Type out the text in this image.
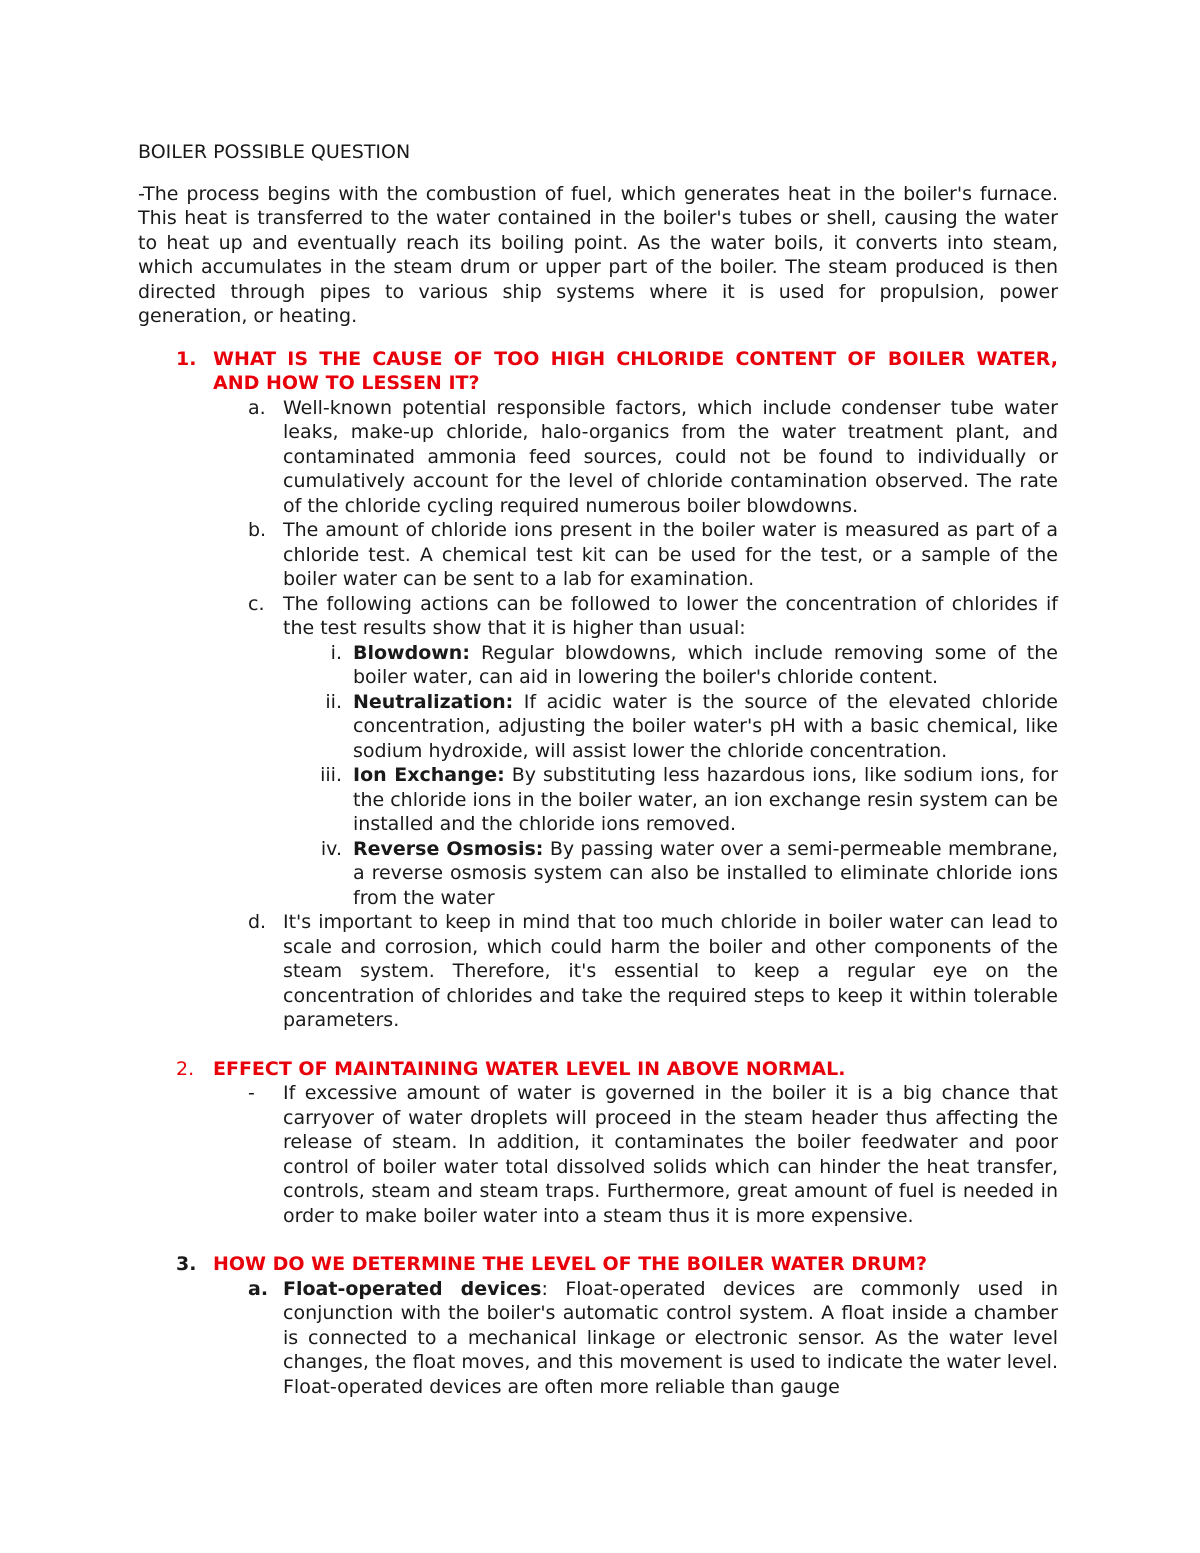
BOILER POSSIBLE QUESTION

-The process begins with the combustion of fuel, which generates heat in the boiler's furnace. This heat is transferred to the water contained in the boiler's tubes or shell, causing the water to heat up and eventually reach its boiling point. As the water boils, it converts into steam, which accumulates in the steam drum or upper part of the boiler. The steam produced is then directed through pipes to various ship systems where it is used for propulsion, power generation, or heating.

1. WHAT IS THE CAUSE OF TOO HIGH CHLORIDE CONTENT OF BOILER WATER, AND HOW TO LESSEN IT?
a. Well-known potential responsible factors, which include condenser tube water leaks, make-up chloride, halo-organics from the water treatment plant, and contaminated ammonia feed sources, could not be found to individually or cumulatively account for the level of chloride contamination observed. The rate of the chloride cycling required numerous boiler blowdowns.
b. The amount of chloride ions present in the boiler water is measured as part of a chloride test. A chemical test kit can be used for the test, or a sample of the boiler water can be sent to a lab for examination.
c. The following actions can be followed to lower the concentration of chlorides if the test results show that it is higher than usual:
i. Blowdown: Regular blowdowns, which include removing some of the boiler water, can aid in lowering the boiler's chloride content.
ii. Neutralization: If acidic water is the source of the elevated chloride concentration, adjusting the boiler water's pH with a basic chemical, like sodium hydroxide, will assist lower the chloride concentration.
iii. Ion Exchange: By substituting less hazardous ions, like sodium ions, for the chloride ions in the boiler water, an ion exchange resin system can be installed and the chloride ions removed.
iv. Reverse Osmosis: By passing water over a semi-permeable membrane, a reverse osmosis system can also be installed to eliminate chloride ions from the water
d. It's important to keep in mind that too much chloride in boiler water can lead to scale and corrosion, which could harm the boiler and other components of the steam system. Therefore, it's essential to keep a regular eye on the concentration of chlorides and take the required steps to keep it within tolerable parameters.
2. EFFECT OF MAINTAINING WATER LEVEL IN ABOVE NORMAL.
- If excessive amount of water is governed in the boiler it is a big chance that carryover of water droplets will proceed in the steam header thus affecting the release of steam. In addition, it contaminates the boiler feedwater and poor control of boiler water total dissolved solids which can hinder the heat transfer, controls, steam and steam traps. Furthermore, great amount of fuel is needed in order to make boiler water into a steam thus it is more expensive.
3. HOW DO WE DETERMINE THE LEVEL OF THE BOILER WATER DRUM?
a. Float-operated devices: Float-operated devices are commonly used in conjunction with the boiler's automatic control system. A float inside a chamber is connected to a mechanical linkage or electronic sensor. As the water level changes, the float moves, and this movement is used to indicate the water level. Float-operated devices are often more reliable than gauge
